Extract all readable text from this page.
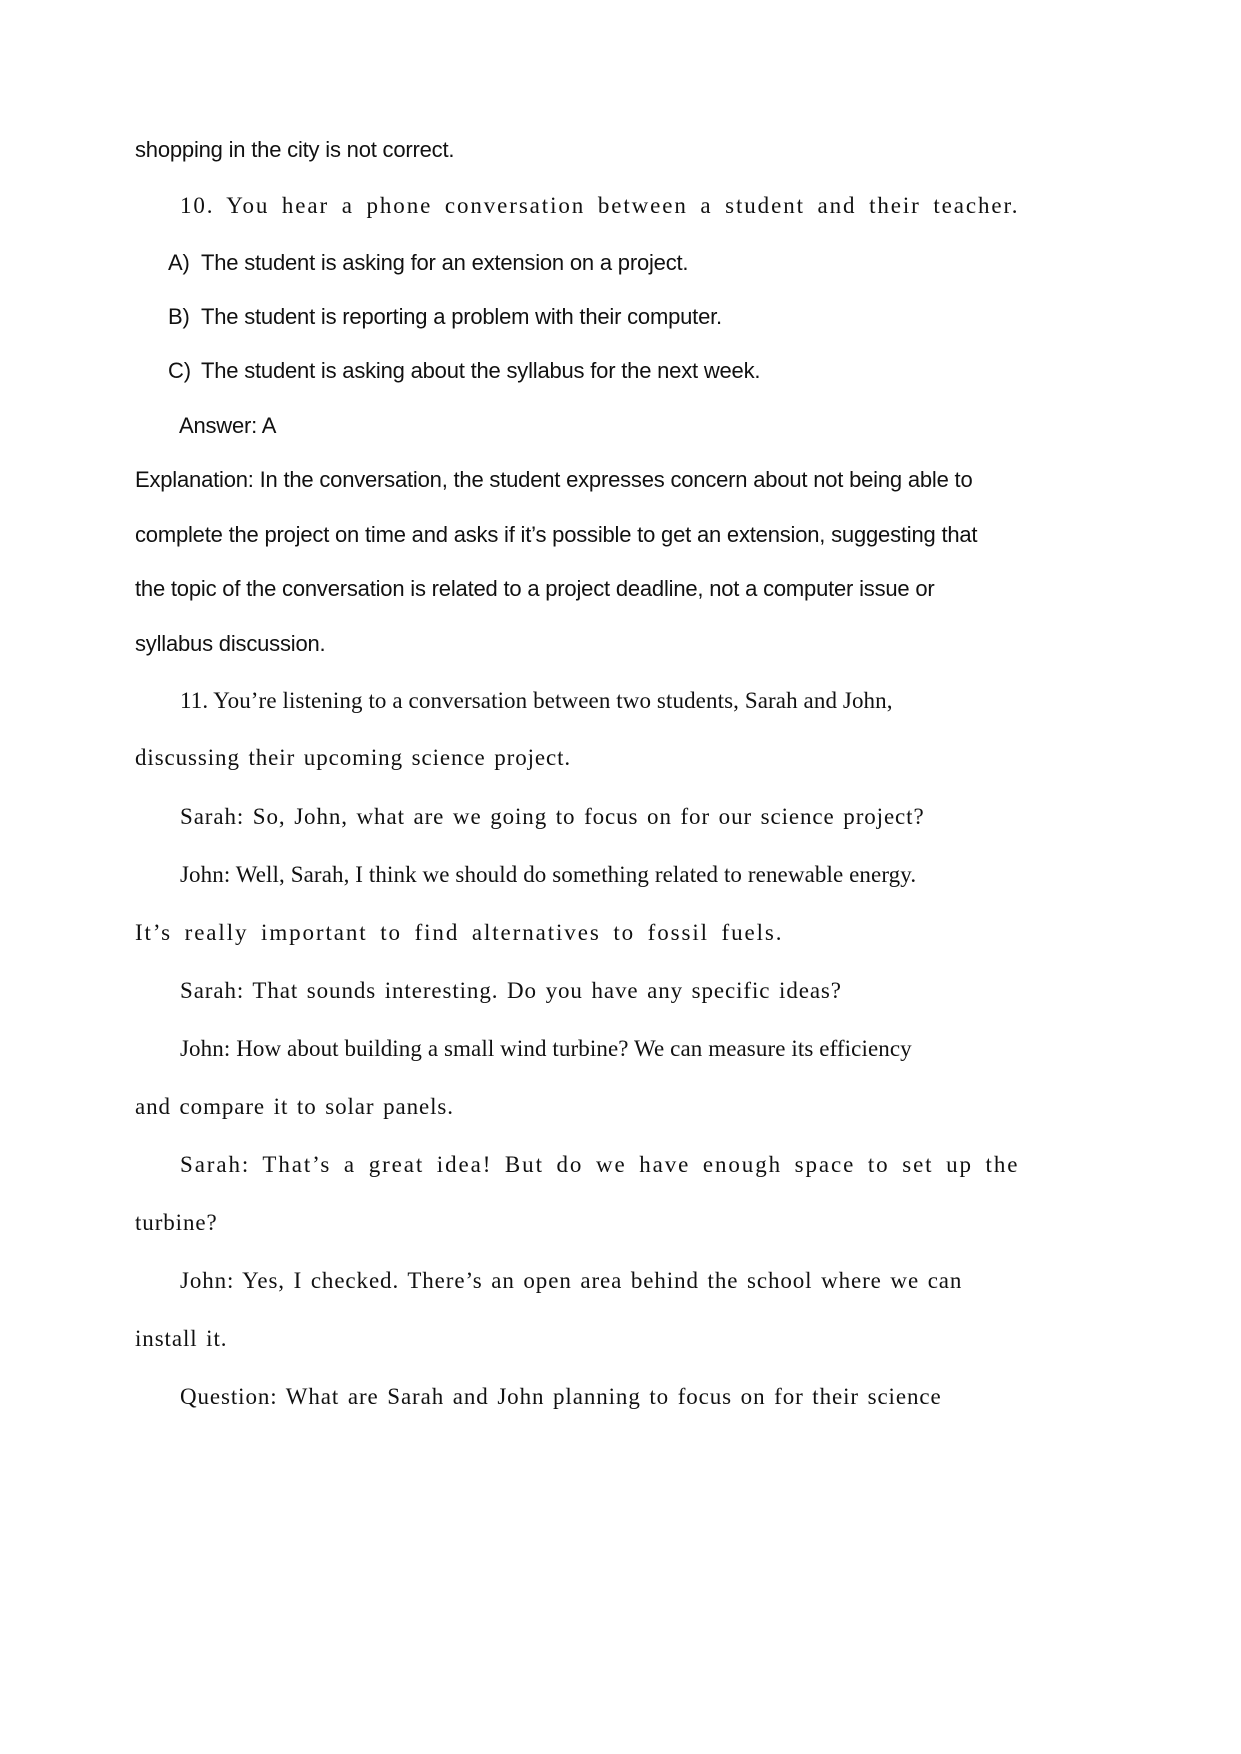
shopping in the city is not correct.
10. You hear a phone conversation between a student and their teacher.
A) The student is asking for an extension on a project.
B) The student is reporting a problem with their computer.
C) The student is asking about the syllabus for the next week.
Answer: A
Explanation: In the conversation, the student expresses concern about not being able to
complete the project on time and asks if it’s possible to get an extension, suggesting that
the topic of the conversation is related to a project deadline, not a computer issue or
syllabus discussion.
11. You’re listening to a conversation between two students, Sarah and John,
discussing their upcoming science project.
Sarah: So, John, what are we going to focus on for our science project?
John: Well, Sarah, I think we should do something related to renewable energy.
It’s really important to find alternatives to fossil fuels.
Sarah: That sounds interesting. Do you have any specific ideas?
John: How about building a small wind turbine? We can measure its efficiency
and compare it to solar panels.
Sarah: That’s a great idea! But do we have enough space to set up the
turbine?
John: Yes, I checked. There’s an open area behind the school where we can
install it.
Question: What are Sarah and John planning to focus on for their science
